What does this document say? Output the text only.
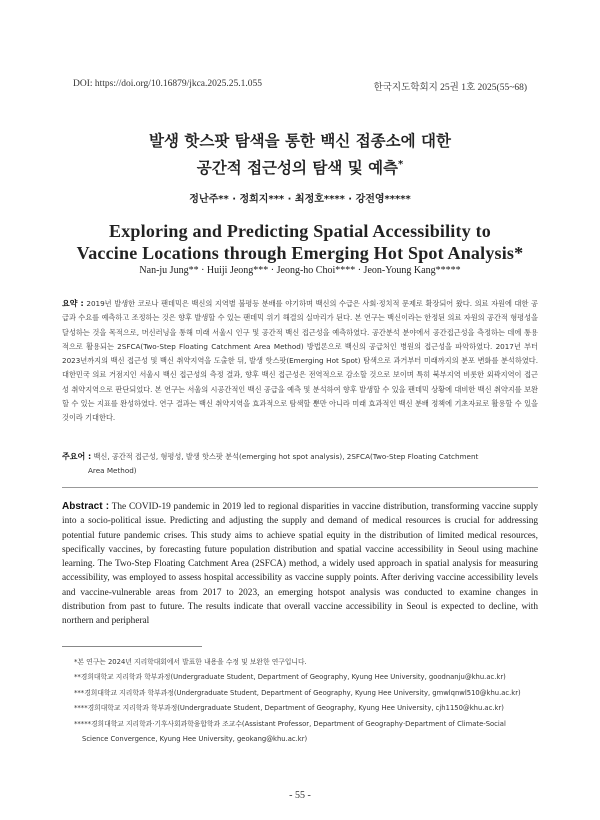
DOI: https://doi.org/10.16879/jkca.2025.25.1.055	한국지도학회지 25권 1호 2025(55~68)
발생 핫스팟 탐색을 통한 백신 접종소에 대한
공간적 접근성의 탐색 및 예측*
정난주** · 정희지*** · 최정호**** · 강전영*****
Exploring and Predicting Spatial Accessibility to
Vaccine Locations through Emerging Hot Spot Analysis*
Nan-ju Jung** · Huiji Jeong*** · Jeong-ho Choi**** · Jeon-Young Kang*****
요약 : 2019년 발생한 코로나 팬데믹은 백신의 지역별 불평등 분배를 야기하며 백신의 수급은 사회·정치적 문제로 확장되어 왔다. 의료 자원에 대한 공급과 수요를 예측하고 조정하는 것은 향후 발생할 수 있는 팬데믹 위기 해결의 실마리가 된다. 본 연구는 백신이라는 한정된 의료 자원의 공간적 형평성을 달성하는 것을 목적으로, 머신러닝을 통해 미래 서울시 인구 및 공간적 백신 접근성을 예측하였다. 공간분석 분야에서 공간접근성을 측정하는 데에 통용적으로 활용되는 2SFCA(Two-Step Floating Catchment Area Method) 방법론으로 백신의 공급처인 병원의 접근성을 파악하였다. 2017년 부터 2023년까지의 백신 접근성 및 백신 취약지역을 도출한 뒤, 발생 핫스팟(Emerging Hot Spot) 탐색으로 과거부터 미래까지의 분포 변화를 분석하였다. 대한민국 의료 거점지인 서울시 백신 접근성의 측정 결과, 향후 백신 접근성은 전역적으로 감소할 것으로 보이며 특히 북부지역 비롯한 외곽지역이 접근성 취약지역으로 판단되었다. 본 연구는 서울의 시공간적인 백신 공급을 예측 및 분석하여 향후 발생할 수 있을 팬데믹 상황에 대비한 백신 취약지를 보완할 수 있는 지표를 완성하였다. 연구 결과는 백신 취약지역을 효과적으로 탐색할 뿐만 아니라 미래 효과적인 백신 분배 정책에 기초자료로 활용할 수 있을 것이라 기대한다.
주요어 : 백신, 공간적 접근성, 형평성, 발생 핫스팟 분석(emerging hot spot analysis), 2SFCA(Two-Step Floating Catchment
Area Method)
Abstract : The COVID-19 pandemic in 2019 led to regional disparities in vaccine distribution, transforming vaccine supply into a socio-political issue. Predicting and adjusting the supply and demand of medical resources is crucial for addressing potential future pandemic crises. This study aims to achieve spatial equity in the distribution of limited medical resources, specifically vaccines, by forecasting future population distribution and spatial vaccine accessibility in Seoul using machine learning. The Two-Step Floating Catchment Area (2SFCA) method, a widely used approach in spatial analysis for measuring accessibility, was employed to assess hospital accessibility as vaccine supply points. After deriving vaccine accessibility levels and vaccine-vulnerable areas from 2017 to 2023, an emerging hotspot analysis was conducted to examine changes in distribution from past to future. The results indicate that overall vaccine accessibility in Seoul is expected to decline, with northern and peripheral
*본 연구는 2024년 지리학대회에서 발표한 내용을 수정 및 보완한 연구입니다.
**경희대학교 지리학과 학부과정(Undergraduate Student, Department of Geography, Kyung Hee University, goodnanju@khu.ac.kr)
***경희대학교 지리학과 학부과정(Undergraduate Student, Department of Geography, Kyung Hee University, gmwlqnwl510@khu.ac.kr)
****경희대학교 지리학과 학부과정(Undergraduate Student, Department of Geography, Kyung Hee University, cjh1150@khu.ac.kr)
*****경희대학교 지리학과·기후사회과학융합학과 조교수(Assistant Professor, Department of Geography·Department of Climate-Social Science Convergence, Kyung Hee University, geokang@khu.ac.kr)
- 55 -
